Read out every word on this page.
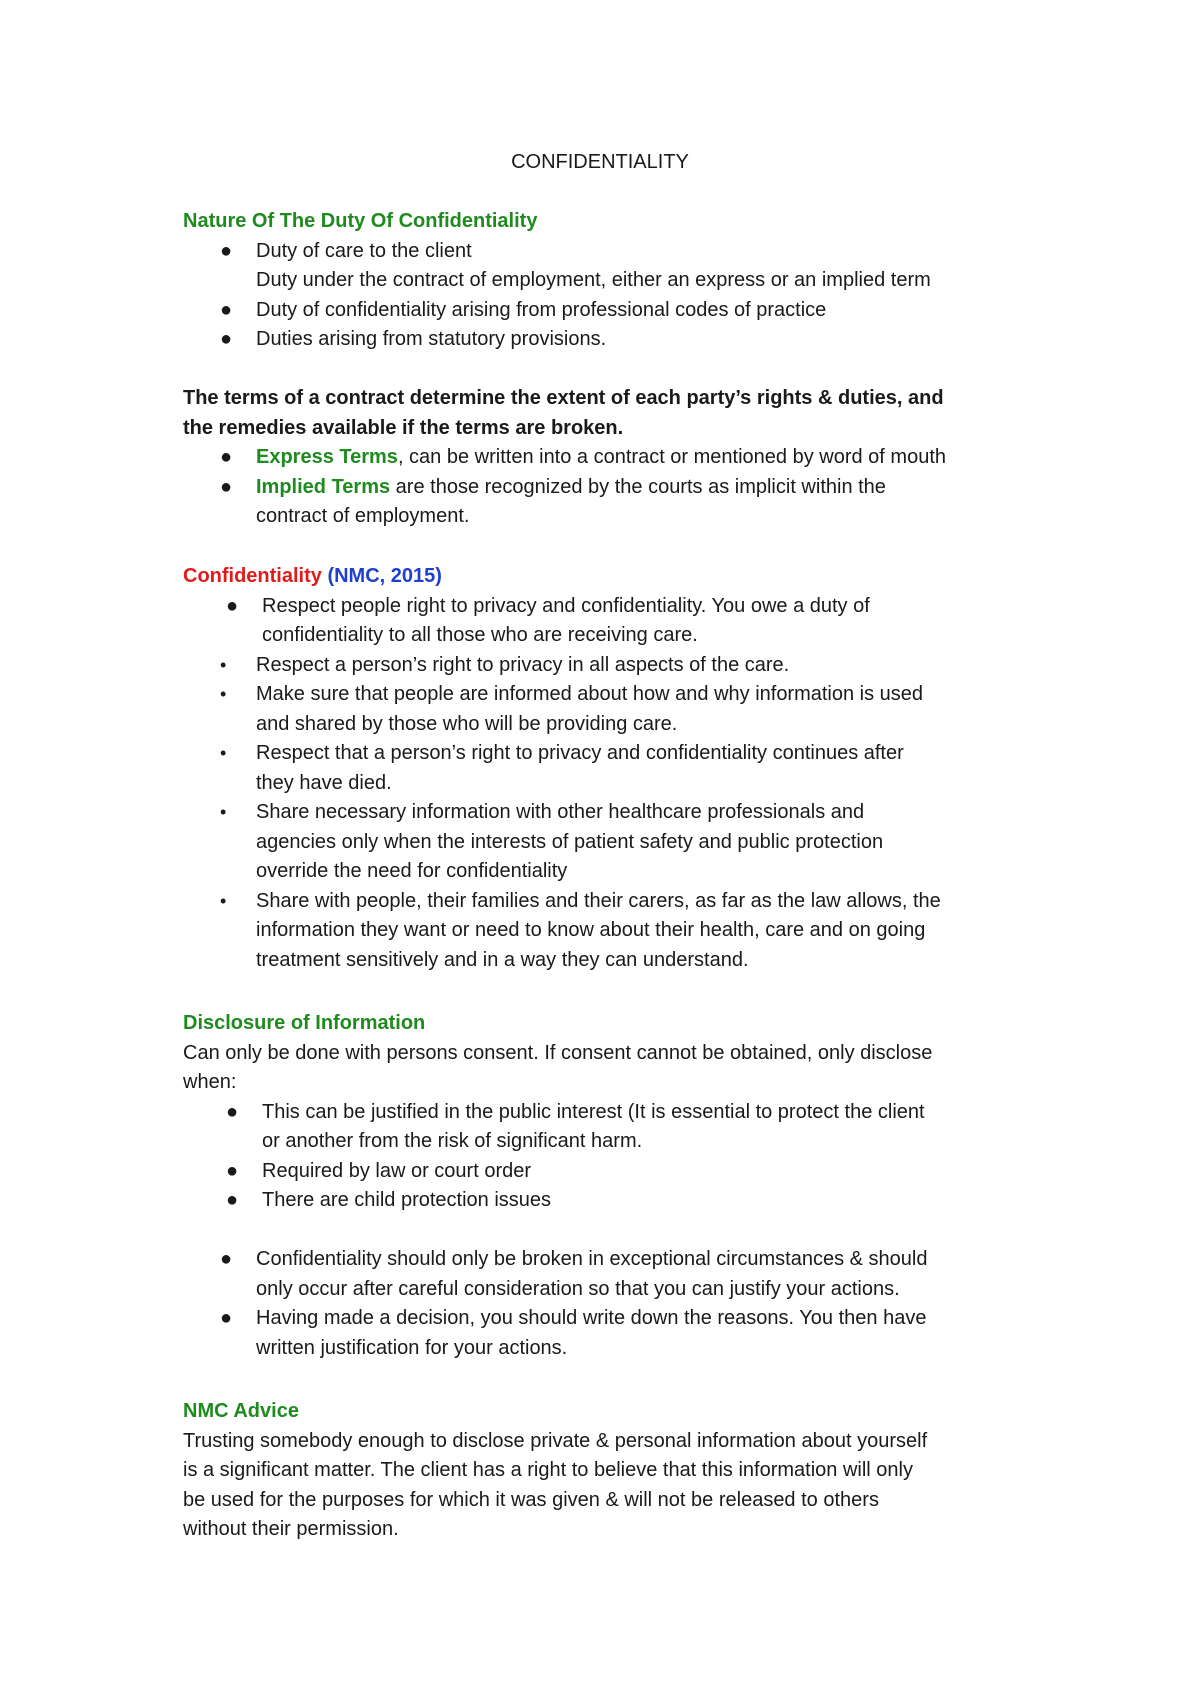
CONFIDENTIALITY
Nature Of The Duty Of Confidentiality
● Duty of care to the client
Duty under the contract of employment, either an express or an implied term
● Duty of confidentiality arising from professional codes of practice
● Duties arising from statutory provisions.
The terms of a contract determine the extent of each party’s rights & duties, and
the remedies available if the terms are broken.
● Express Terms, can be written into a contract or mentioned by word of mouth
● Implied Terms are those recognized by the courts as implicit within the
contract of employment.
Confidentiality (NMC, 2015)
● Respect people right to privacy and confidentiality. You owe a duty of
confidentiality to all those who are receiving care.
• Respect a person’s right to privacy in all aspects of the care.
• Make sure that people are informed about how and why information is used
and shared by those who will be providing care.
• Respect that a person’s right to privacy and confidentiality continues after
they have died.
• Share necessary information with other healthcare professionals and
agencies only when the interests of patient safety and public protection
override the need for confidentiality
• Share with people, their families and their carers, as far as the law allows, the
information they want or need to know about their health, care and on going
treatment sensitively and in a way they can understand.
Disclosure of Information
Can only be done with persons consent. If consent cannot be obtained, only disclose
when:
● This can be justified in the public interest (It is essential to protect the client
or another from the risk of significant harm.
● Required by law or court order
● There are child protection issues
● Confidentiality should only be broken in exceptional circumstances & should
only occur after careful consideration so that you can justify your actions.
● Having made a decision, you should write down the reasons. You then have
written justification for your actions.
NMC Advice
Trusting somebody enough to disclose private & personal information about yourself
is a significant matter. The client has a right to believe that this information will only
be used for the purposes for which it was given & will not be released to others
without their permission.
